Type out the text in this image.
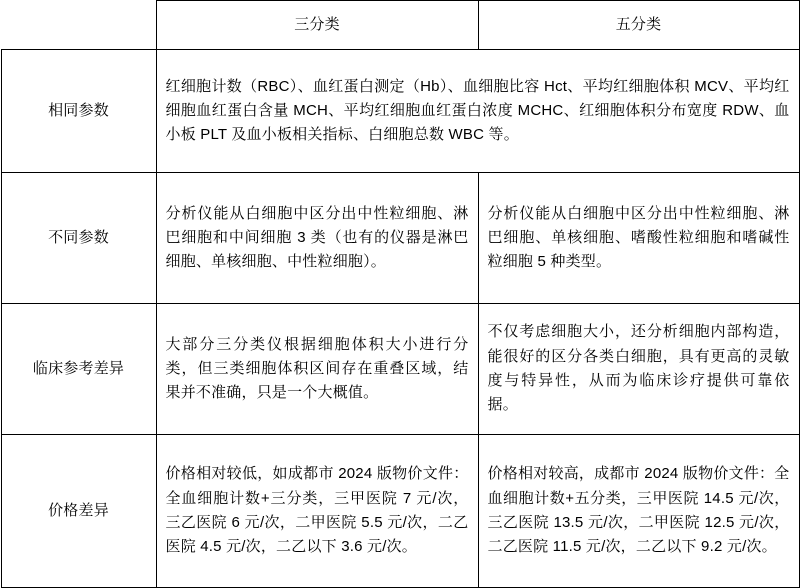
	三分类	五分类
相同参数	红细胞计数（RBC）、血红蛋白测定（Hb）、血细胞比容 Hct、平均红细胞体积 MCV、平均红细胞血红蛋白含量 MCH、平均红细胞血红蛋白浓度 MCHC、红细胞体积分布宽度 RDW、血小板 PLT 及血小板相关指标、白细胞总数 WBC 等。	
不同参数	分析仪能从白细胞中区分出中性粒细胞、淋巴细胞和中间细胞 3 类（也有的仪器是淋巴细胞、单核细胞、中性粒细胞）。	分析仪能从白细胞中区分出中性粒细胞、淋巴细胞、单核细胞、嗜酸性粒细胞和嗜碱性粒细胞 5 种类型。
临床参考差异	大部分三分类仪根据细胞体积大小进行分类，但三类细胞体积区间存在重叠区域，结果并不准确，只是一个大概值。	不仅考虑细胞大小，还分析细胞内部构造，能很好的区分各类白细胞，具有更高的灵敏度与特异性，从而为临床诊疗提供可靠依据。
价格差异	价格相对较低，如成都市 2024 版物价文件：全血细胞计数+三分类，三甲医院 7 元/次，三乙医院 6 元/次，二甲医院 5.5 元/次，二乙医院 4.5 元/次，二乙以下 3.6 元/次。	价格相对较高，成都市 2024 版物价文件：全血细胞计数+五分类，三甲医院 14.5 元/次，三乙医院 13.5 元/次，二甲医院 12.5 元/次，二乙医院 11.5 元/次，二乙以下 9.2 元/次。
